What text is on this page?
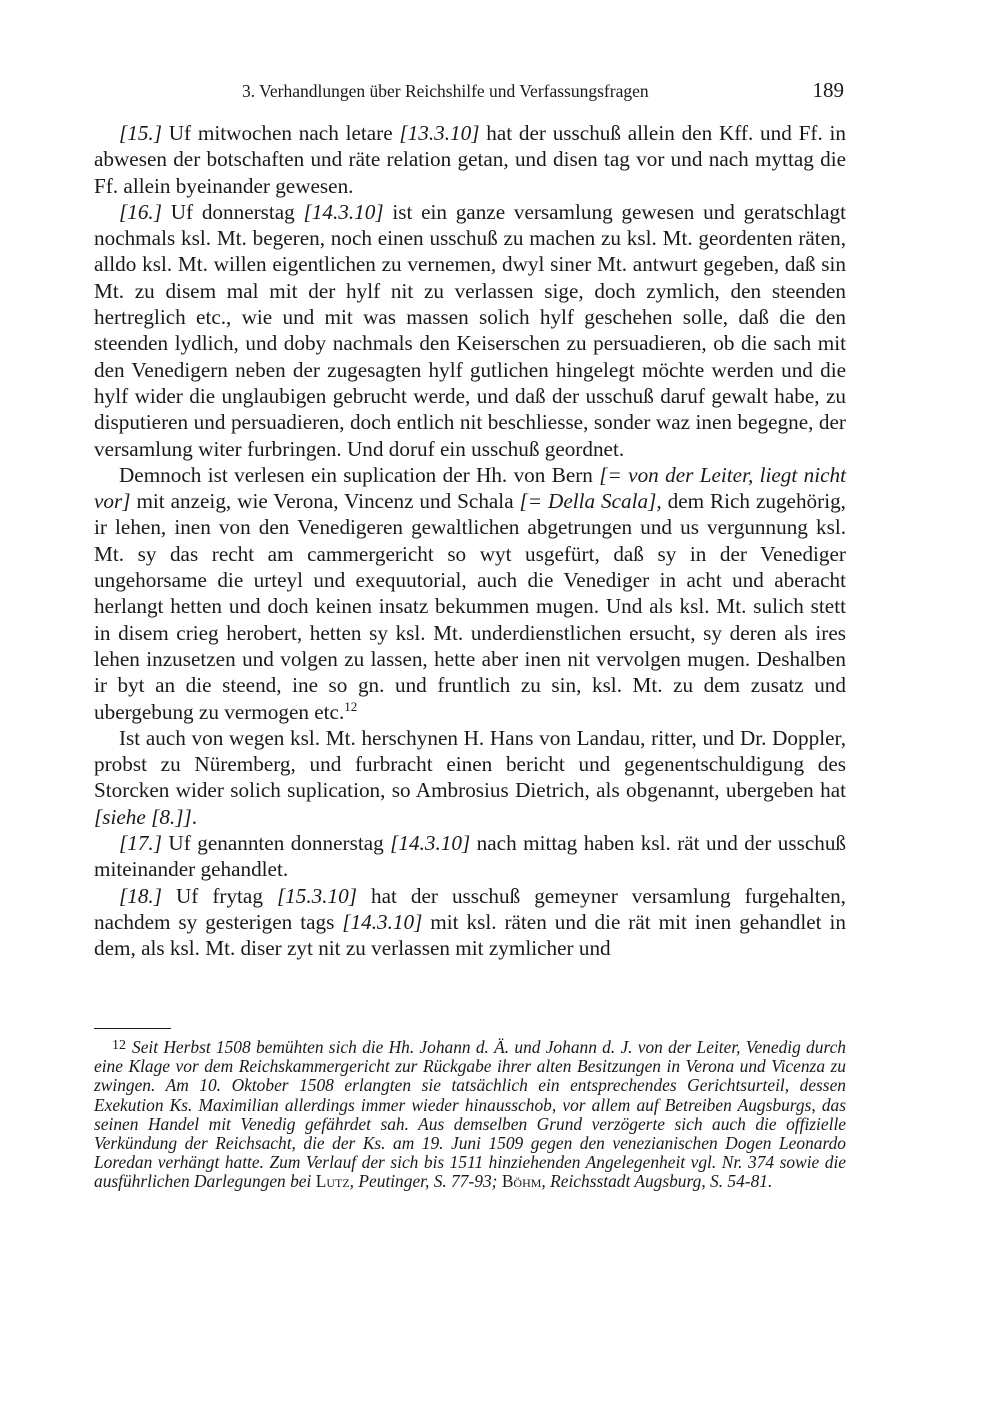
3. Verhandlungen über Reichshilfe und Verfassungsfragen	189

[15.] Uf mitwochen nach letare [13.3.10] hat der usschuß allein den Kff. und Ff. in abwesen der botschaften und räte relation getan, und disen tag vor und nach myttag die Ff. allein byeinander gewesen.

[16.] Uf donnerstag [14.3.10] ist ein ganze versamlung gewesen und geratschlagt nochmals ksl. Mt. begeren, noch einen usschuß zu machen zu ksl. Mt. geordenten räten, alldo ksl. Mt. willen eigentlichen zu vernemen, dwyl siner Mt. antwurt gegeben, daß sin Mt. zu disem mal mit der hylf nit zu verlassen sige, doch zymlich, den steenden hertreglich etc., wie und mit was massen solich hylf geschehen solle, daß die den steenden lydlich, und doby nachmals den Keiserschen zu persuadieren, ob die sach mit den Venedigern neben der zugesagten hylf gutlichen hingelegt möchte werden und die hylf wider die unglaubigen gebrucht werde, und daß der usschuß daruf gewalt habe, zu disputieren und persuadieren, doch entlich nit beschliesse, sonder waz inen begegne, der versamlung witer furbringen. Und doruf ein usschuß geordnet.

Demnoch ist verlesen ein suplication der Hh. von Bern [= von der Leiter, liegt nicht vor] mit anzeig, wie Verona, Vincenz und Schala [= Della Scala], dem Rich zugehörig, ir lehen, inen von den Venedigeren gewaltlichen abgetrungen und us vergunnung ksl. Mt. sy das recht am cammergericht so wyt usgefürt, daß sy in der Venediger ungehorsame die urteyl und exequutorial, auch die Venediger in acht und aberacht herlangt hetten und doch keinen insatz bekummen mugen. Und als ksl. Mt. sulich stett in disem crieg herobert, hetten sy ksl. Mt. underdienstlichen ersucht, sy deren als ires lehen inzusetzen und volgen zu lassen, hette aber inen nit vervolgen mugen. Deshalben ir byt an die steend, ine so gn. und fruntlich zu sin, ksl. Mt. zu dem zusatz und ubergebung zu vermogen etc.$^{12}$

Ist auch von wegen ksl. Mt. herschynen H. Hans von Landau, ritter, und Dr. Doppler, probst zu Nüremberg, und furbracht einen bericht und gegenentschuldigung des Storcken wider solich suplication, so Ambrosius Dietrich, als obgenannt, ubergeben hat [siehe [8.]].

[17.] Uf genannten donnerstag [14.3.10] nach mittag haben ksl. rät und der usschuß miteinander gehandlet.

[18.] Uf frytag [15.3.10] hat der usschuß gemeyner versamlung furgehalten, nachdem sy gesterigen tags [14.3.10] mit ksl. räten und die rät mit inen gehandlet in dem, als ksl. Mt. diser zyt nit zu verlassen mit zymlicher und

$^{12}$ Seit Herbst 1508 bemühten sich die Hh. Johann d. Ä. und Johann d. J. von der Leiter, Venedig durch eine Klage vor dem Reichskammergericht zur Rückgabe ihrer alten Besitzungen in Verona und Vicenza zu zwingen. Am 10. Oktober 1508 erlangten sie tatsächlich ein entsprechendes Gerichtsurteil, dessen Exekution Ks. Maximilian allerdings immer wieder hinausschob, vor allem auf Betreiben Augsburgs, das seinen Handel mit Venedig gefährdet sah. Aus demselben Grund verzögerte sich auch die offizielle Verkündung der Reichsacht, die der Ks. am 19. Juni 1509 gegen den venezianischen Dogen Leonardo Loredan verhängt hatte. Zum Verlauf der sich bis 1511 hinziehenden Angelegenheit vgl. Nr. 374 sowie die ausführlichen Darlegungen bei Lutz, Peutinger, S. 77-93; Böhm, Reichsstadt Augsburg, S. 54-81.
